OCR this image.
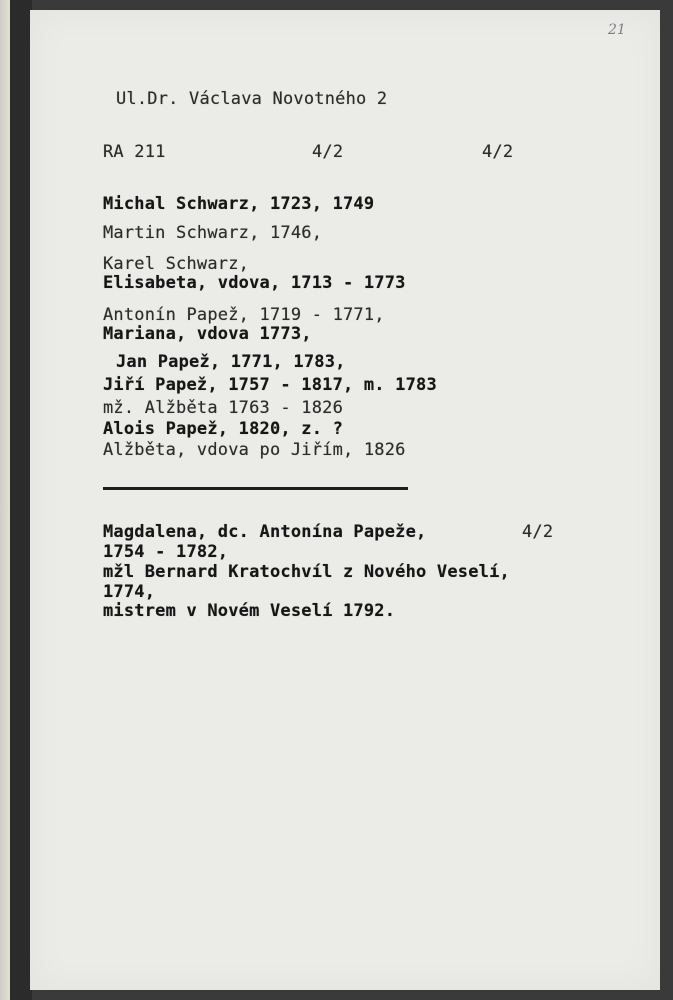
21
Ul.Dr. Václava Novotného 2
RA 211	4/2	4/2
Michal Schwarz, 1723, 1749
Martin Schwarz, 1746,
Karel Schwarz,
Elisabeta, vdova, 1713 - 1773
Antonín Papež, 1719 - 1771,
Mariana, vdova 1773,
Jan Papež, 1771, 1783,
Jiří Papež, 1757 - 1817, m. 1783
mž. Alžběta 1763 - 1826
Alois Papež, 1820, z. ?
Alžběta, vdova po Jiřím, 1826
Magdalena, dc. Antonína Papeže,	4/2
1754 - 1782,
mžl Bernard Kratochvíl z Nového Veselí,
1774,
mistrem v Novém Veselí 1792.
